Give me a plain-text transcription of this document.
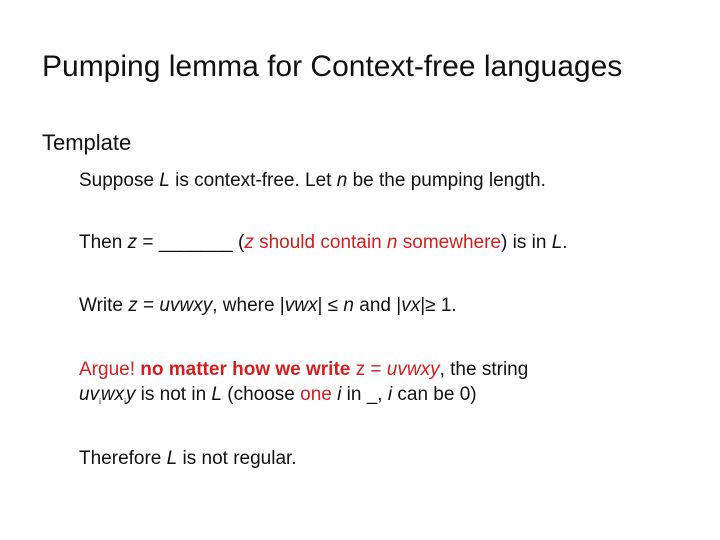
Pumping lemma for Context-free languages
Template
Suppose L is context-free. Let n be the pumping length.
Then z = _______ (z should contain n somewhere) is in L.
Write z = uvwxy, where |vwx| ≤ n and |vx|≥ 1.
Argue! no matter how we write z = uvwxy, the string
$uv_iwx_iy$ is not in L (choose one i in _, i can be 0)
Therefore L is not regular.
